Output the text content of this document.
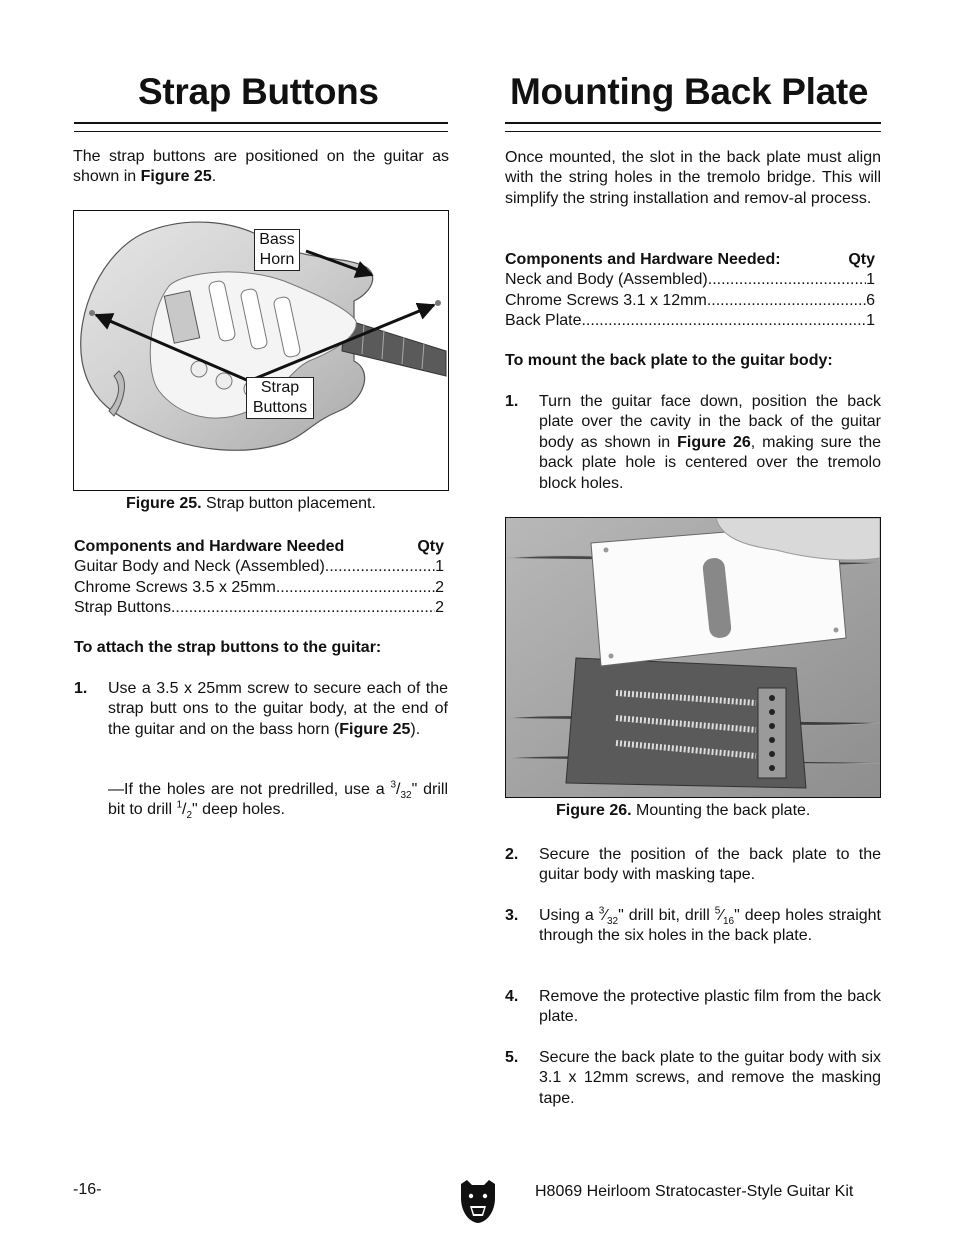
Strap Buttons
The strap buttons are positioned on the guitar as shown in Figure 25.
Bass
Horn
Strap
Buttons
Figure 25. Strap button placement.
Components and Hardware Needed	Qty
Guitar Body and Neck (Assembled) .....	1
Chrome Screws 3.5 x 25mm .....	2
Strap Buttons .....	2
To attach the strap buttons to the guitar:
1. Use a 3.5 x 25mm screw to secure each of the strap butt ons to the guitar body, at the end of the guitar and on the bass horn (Figure 25).
—If the holes are not predrilled, use a $^3/_{32}$" drill bit to drill $^1/_2$" deep holes.
Mounting Back Plate
Once mounted, the slot in the back plate must align with the string holes in the tremolo bridge. This will simplify the string installation and remov-al process.
Components and Hardware Needed:	Qty
Neck and Body (Assembled) .....	1
Chrome Screws 3.1 x 12mm .....	6
Back Plate .....	1
To mount the back plate to the guitar body:
1. Turn the guitar face down, position the back plate over the cavity in the back of the guitar body as shown in Figure 26, making sure the back plate hole is centered over the tremolo block holes.
Figure 26. Mounting the back plate.
2. Secure the position of the back plate to the guitar body with masking tape.
3. Using a $^3⁄_{32}$" drill bit, drill $^5⁄_{16}$" deep holes straight through the six holes in the back plate.
4. Remove the protective plastic film from the back plate.
5. Secure the back plate to the guitar body with six 3.1 x 12mm screws, and remove the masking tape.
-16-	H8069 Heirloom Stratocaster-Style Guitar Kit
